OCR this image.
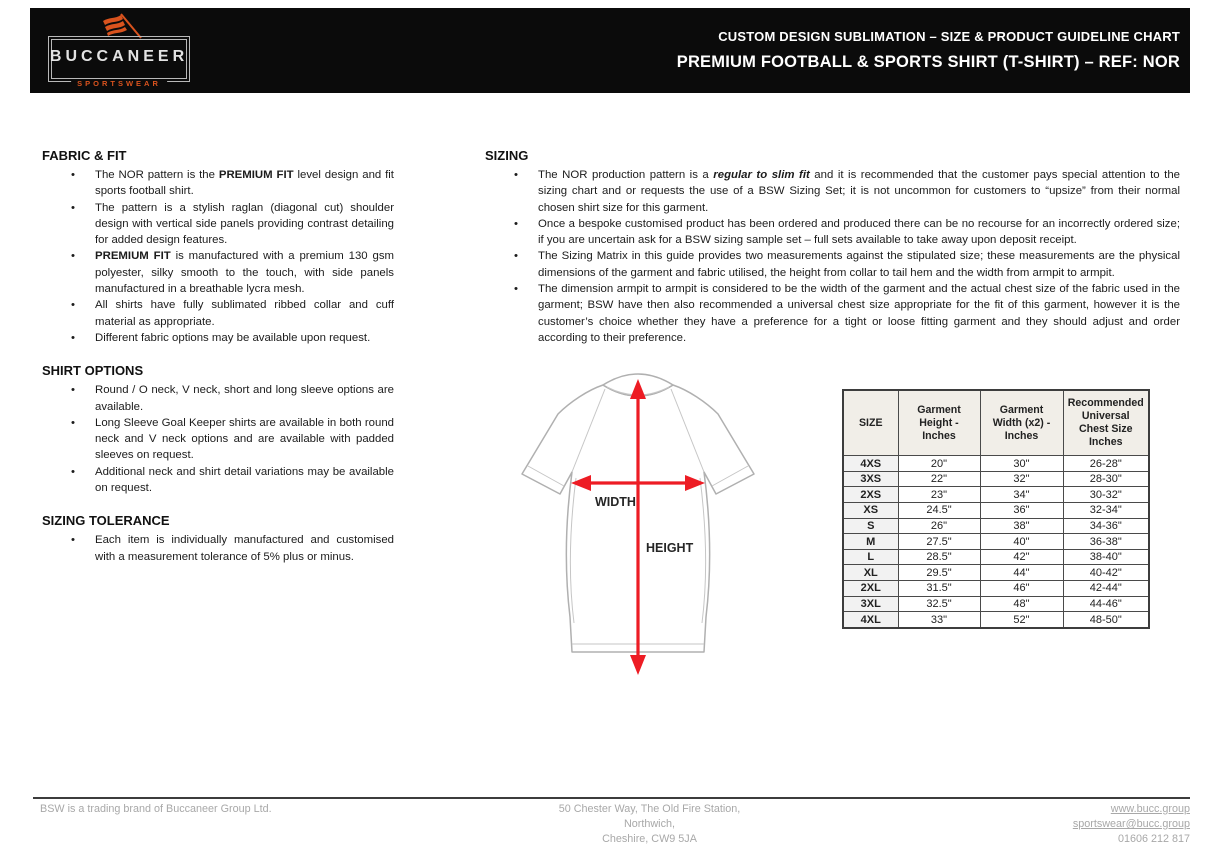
BUCCANEER
SPORTSWEAR
CUSTOM DESIGN SUBLIMATION – SIZE & PRODUCT GUIDELINE CHART
PREMIUM FOOTBALL & SPORTS SHIRT (T-SHIRT) – REF: NOR
FABRIC & FIT
• The NOR pattern is the PREMIUM FIT level design and fit sports football shirt.
• The pattern is a stylish raglan (diagonal cut) shoulder design with vertical side panels providing contrast detailing for added design features.
• PREMIUM FIT is manufactured with a premium 130 gsm polyester, silky smooth to the touch, with side panels manufactured in a breathable lycra mesh.
• All shirts have fully sublimated ribbed collar and cuff material as appropriate.
• Different fabric options may be available upon request.
SHIRT OPTIONS
• Round / O neck, V neck, short and long sleeve options are available.
• Long Sleeve Goal Keeper shirts are available in both round neck and V neck options and are available with padded sleeves on request.
• Additional neck and shirt detail variations may be available on request.
SIZING TOLERANCE
• Each item is individually manufactured and customised with a measurement tolerance of 5% plus or minus.
SIZING
• The NOR production pattern is a regular to slim fit and it is recommended that the customer pays special attention to the sizing chart and or requests the use of a BSW Sizing Set; it is not uncommon for customers to “upsize” from their normal chosen shirt size for this garment.
• Once a bespoke customised product has been ordered and produced there can be no recourse for an incorrectly ordered size; if you are uncertain ask for a BSW sizing sample set – full sets available to take away upon deposit receipt.
• The Sizing Matrix in this guide provides two measurements against the stipulated size; these measurements are the physical dimensions of the garment and fabric utilised, the height from collar to tail hem and the width from armpit to armpit.
• The dimension armpit to armpit is considered to be the width of the garment and the actual chest size of the fabric used in the garment; BSW have then also recommended a universal chest size appropriate for the fit of this garment, however it is the customer’s choice whether they have a preference for a tight or loose fitting garment and they should adjust and order according to their preference.
WIDTH
HEIGHT
SIZE	Garment Height - Inches	Garment Width (x2) - Inches	Recommended Universal Chest Size Inches
4XS	20"	30"	26-28"
3XS	22"	32"	28-30"
2XS	23"	34"	30-32"
XS	24.5"	36"	32-34"
S	26"	38"	34-36"
M	27.5"	40"	36-38"
L	28.5"	42"	38-40"
XL	29.5"	44"	40-42"
2XL	31.5"	46"	42-44"
3XL	32.5"	48"	44-46"
4XL	33"	52"	48-50"
BSW is a trading brand of Buccaneer Group Ltd.	50 Chester Way, The Old Fire Station,
Northwich,
Cheshire, CW9 5JA
www.bucc.group
sportswear@bucc.group
01606 212 817
